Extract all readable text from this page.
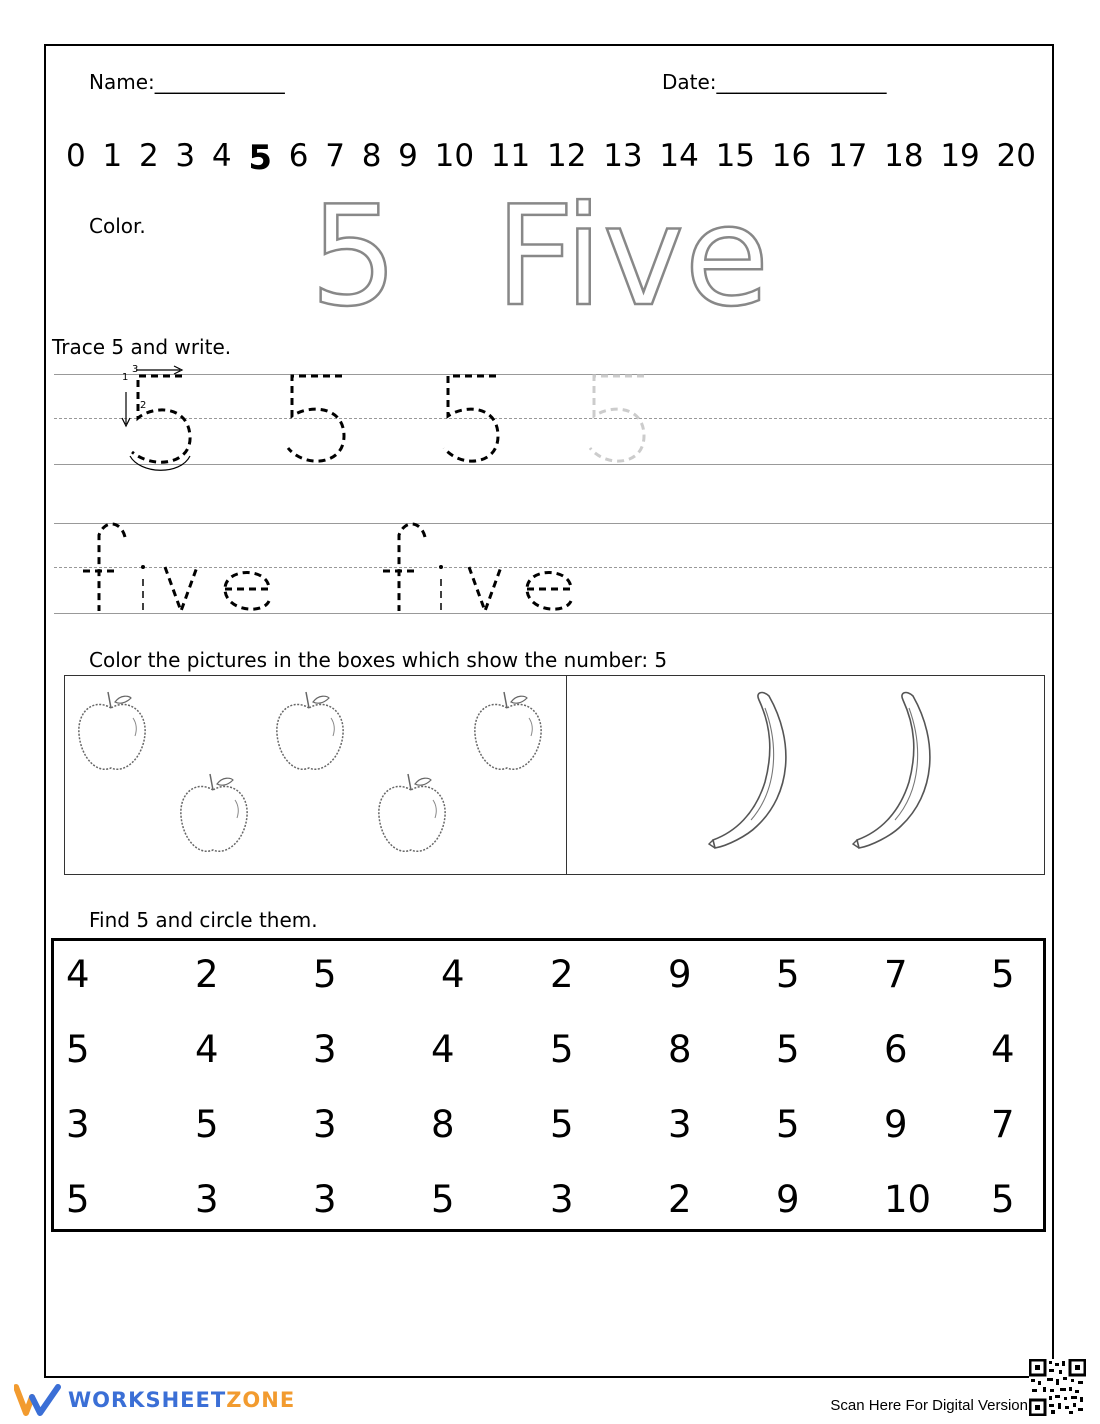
Name:_____________	Date:_________________
0 1 2 3 4 5 6 7 8 9 10 11 12 13 14 15 16 17 18 19 20
Color. 5 Five
Trace 5 and write.
1
2
3
Color the pictures in the boxes which show the number: 5
Find 5 and circle them.
4	2	5	4 2	9 5 7 5
5	4	3	4	5	8 5 6 4
3	5	3	8	5	3 5 9 7
5	3	3	5	3	2 9 10 5
WORKSHEETZONE	Scan Here For Digital Version
